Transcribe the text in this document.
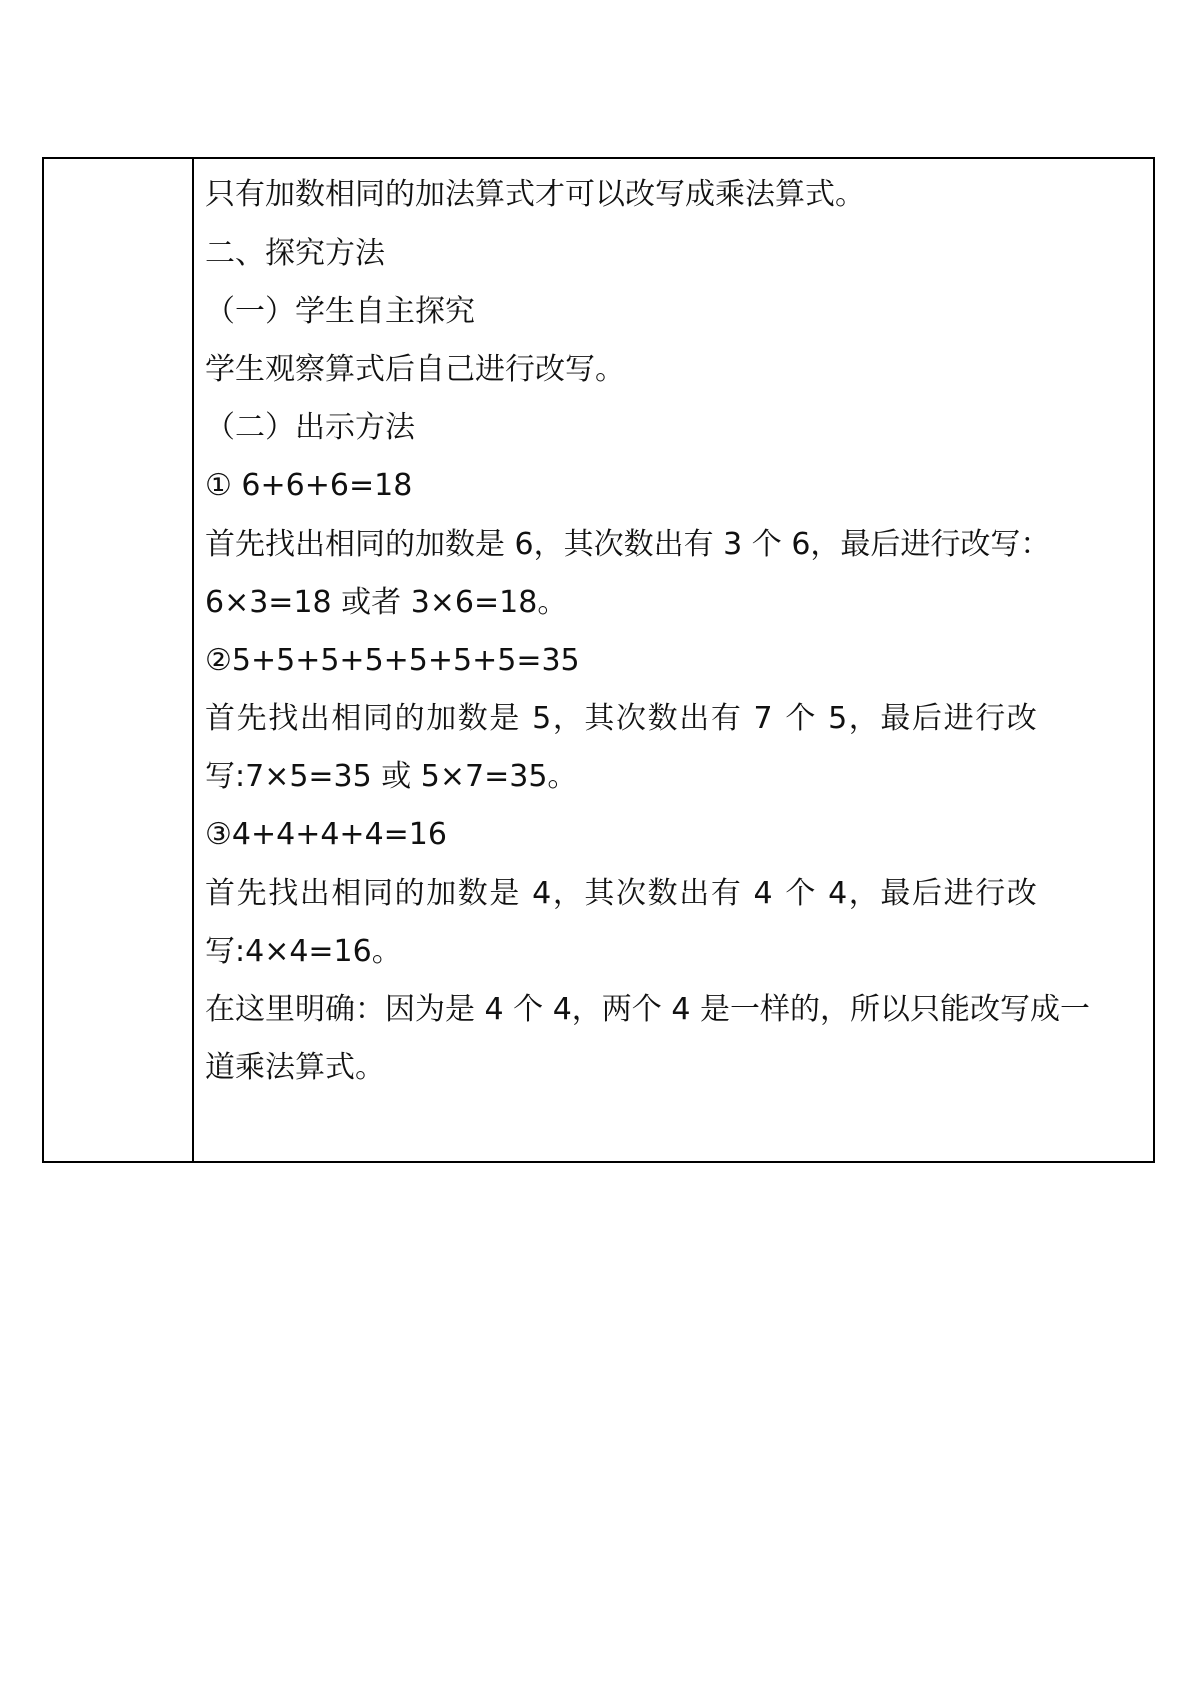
只有加数相同的加法算式才可以改写成乘法算式。

二、探究方法

（一）学生自主探究

学生观察算式后自己进行改写。

（二）出示方法

① 6+6+6=18

首先找出相同的加数是 6，其次数出有 3 个 6，最后进行改写：

6×3=18 或者 3×6=18。

②5+5+5+5+5+5+5=35

首先找出相同的加数是 5，其次数出有 7 个 5，最后进行改

写:7×5=35 或 5×7=35。

③4+4+4+4=16

首先找出相同的加数是 4，其次数出有 4 个 4，最后进行改

写:4×4=16。

在这里明确：因为是 4 个 4，两个 4 是一样的，所以只能改写成一

道乘法算式。
